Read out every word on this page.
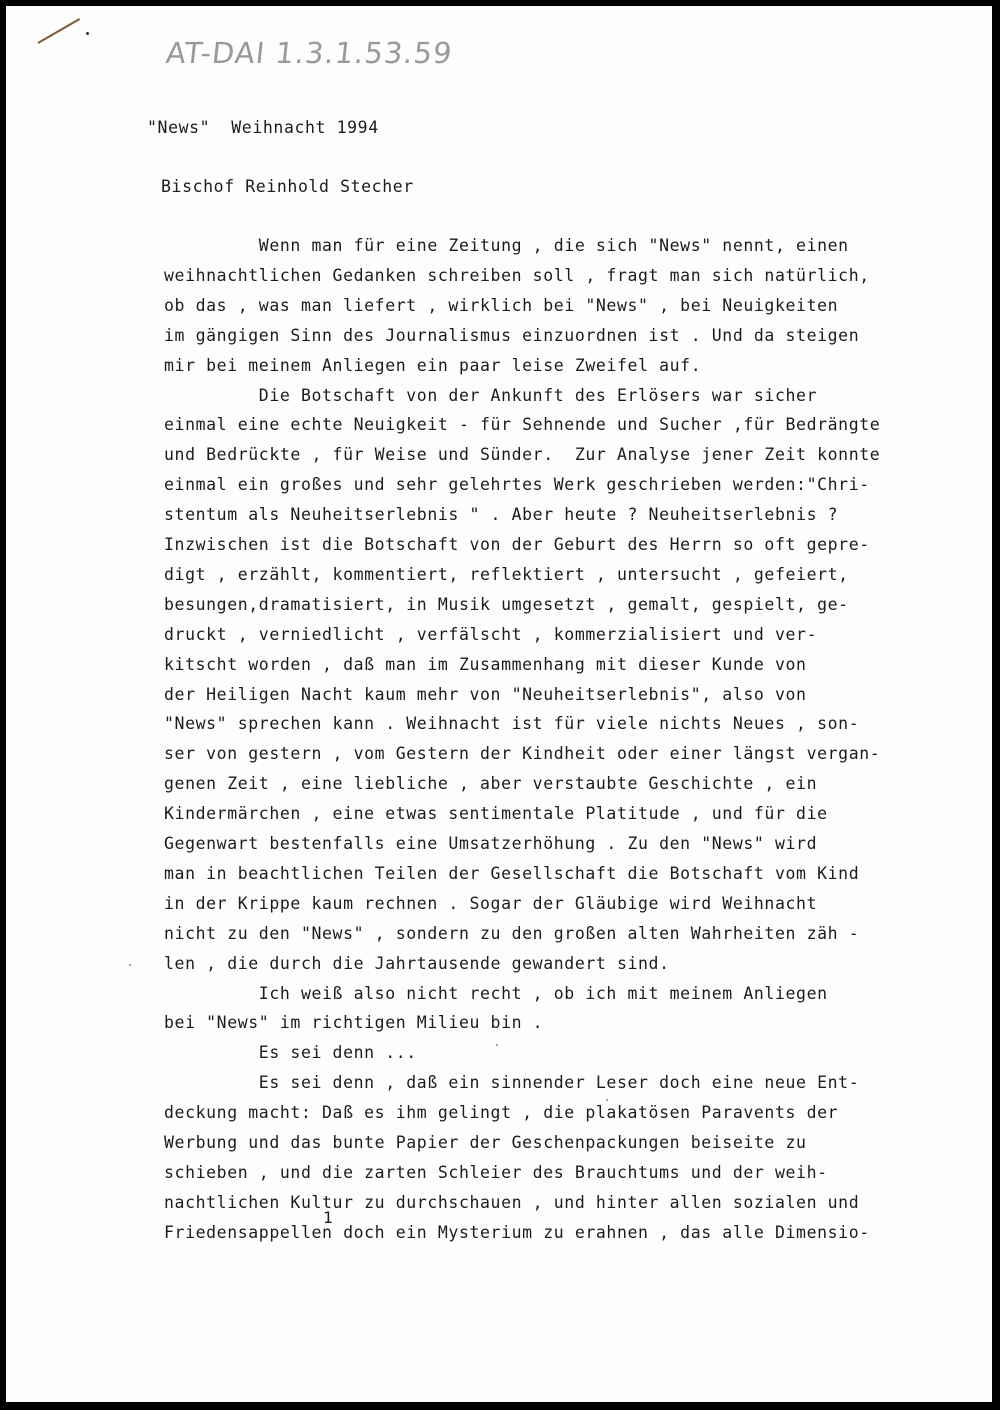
AT-DAI 1.3.1.53.59
"News"  Weihnacht 1994
Bischof Reinhold Stecher
Wenn man für eine Zeitung , die sich "News" nennt, einen
weihnachtlichen Gedanken schreiben soll , fragt man sich natürlich,
ob das , was man liefert , wirklich bei "News" , bei Neuigkeiten
im gängigen Sinn des Journalismus einzuordnen ist . Und da steigen
mir bei meinem Anliegen ein paar leise Zweifel auf.
Die Botschaft von der Ankunft des Erlösers war sicher
einmal eine echte Neuigkeit - für Sehnende und Sucher ,für Bedrängte
und Bedrückte , für Weise und Sünder.  Zur Analyse jener Zeit konnte
einmal ein großes und sehr gelehrtes Werk geschrieben werden:"Chri-
stentum als Neuheitserlebnis " . Aber heute ? Neuheitserlebnis ?
Inzwischen ist die Botschaft von der Geburt des Herrn so oft gepre-
digt , erzählt, kommentiert, reflektiert , untersucht , gefeiert,
besungen,dramatisiert, in Musik umgesetzt , gemalt, gespielt, ge-
druckt , verniedlicht , verfälscht , kommerzialisiert und ver-
kitscht worden , daß man im Zusammenhang mit dieser Kunde von
der Heiligen Nacht kaum mehr von "Neuheitserlebnis", also von
"News" sprechen kann . Weihnacht ist für viele nichts Neues , son-
ser von gestern , vom Gestern der Kindheit oder einer längst vergan-
genen Zeit , eine liebliche , aber verstaubte Geschichte , ein
Kindermärchen , eine etwas sentimentale Platitude , und für die
Gegenwart bestenfalls eine Umsatzerhöhung . Zu den "News" wird
man in beachtlichen Teilen der Gesellschaft die Botschaft vom Kind
in der Krippe kaum rechnen . Sogar der Gläubige wird Weihnacht
nicht zu den "News" , sondern zu den großen alten Wahrheiten zäh -
len , die durch die Jahrtausende gewandert sind.
Ich weiß also nicht recht , ob ich mit meinem Anliegen
bei "News" im richtigen Milieu bin .
Es sei denn ...
Es sei denn , daß ein sinnender Leser doch eine neue Ent-
deckung macht: Daß es ihm gelingt , die plakatösen Paravents der
Werbung und das bunte Papier der Geschenpackungen beiseite zu
schieben , und die zarten Schleier des Brauchtums und der weih-
nachtlichen Kultur zu durchschauen , und hinter allen sozialen und
Friedensappellen doch ein Mysterium zu erahnen , das alle Dimensio-
1
